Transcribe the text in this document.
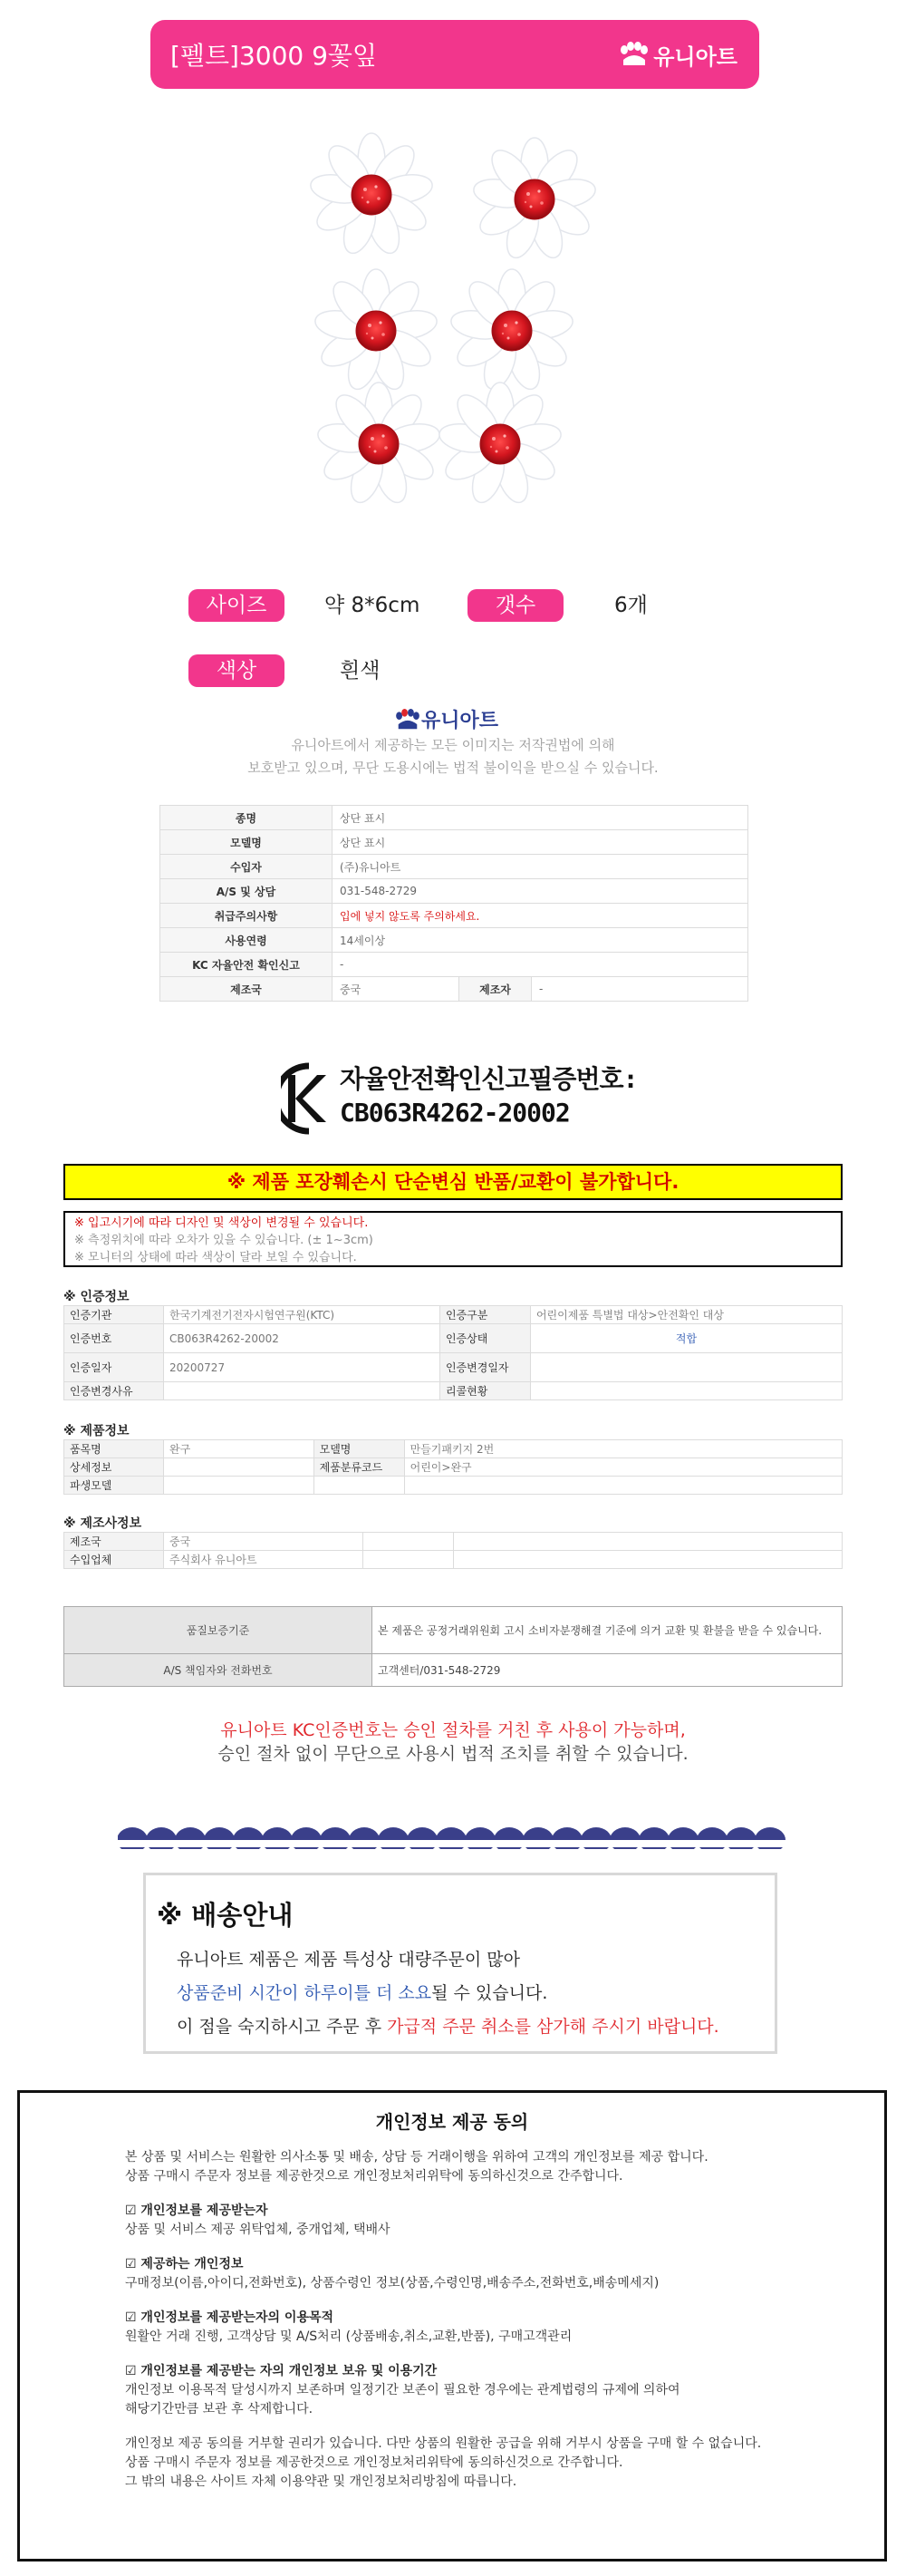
[펠트]3000 9꽃잎	유니아트
사이즈	약 8*6cm	갯수	6개
색상	흰색
유니아트
유니아트에서 제공하는 모든 이미지는 저작권법에 의해
보호받고 있으며, 무단 도용시에는 법적 불이익을 받으실 수 있습니다.
종명	상단 표시		
모델명	상단 표시		
수입자	(주)유니아트		
A/S 및 상담	031-548-2729		
취급주의사항	입에 넣지 않도록 주의하세요.		
사용연령	14세이상		
KC 자율안전 확인신고	-		
제조국	중국	제조자	-
자율안전확인신고필증번호:
CB063R4262-20002
※ 제품 포장훼손시 단순변심 반품/교환이 불가합니다.
※ 입고시기에 따라 디자인 및 색상이 변경될 수 있습니다.
※ 측정위치에 따라 오차가 있을 수 있습니다. (± 1~3cm)
※ 모니터의 상태에 따라 색상이 달라 보일 수 있습니다.
※ 인증정보
인증기관	한국기계전기전자시험연구원(KTC)	인증구분	어린이제품 특별법 대상>안전확인 대상
인증번호	CB063R4262-20002	인증상태	적합
인증일자	20200727	인증변경일자	
인증변경사유		리콜현황	
※ 제품정보
품목명	완구	모델명	만들기패키지 2번
상세정보		제품분류코드	어린이>완구
파생모델			
※ 제조사정보
제조국	중국		
수입업체	주식회사 유니아트		
품질보증기준	본 제품은 공정거래위원회 고시 소비자분쟁해결 기준에 의거 교환 및 환불을 받을 수 있습니다.
A/S 책임자와 전화번호	고객센터/031-548-2729
유니아트 KC인증번호는 승인 절차를 거친 후 사용이 가능하며,
승인 절차 없이 무단으로 사용시 법적 조치를 취할 수 있습니다.
※ 배송안내
유니아트 제품은 제품 특성상 대량주문이 많아
상품준비 시간이 하루이틀 더 소요될 수 있습니다.
이 점을 숙지하시고 주문 후 가급적 주문 취소를 삼가해 주시기 바랍니다.
개인정보 제공 동의
본 상품 및 서비스는 원활한 의사소통 및 배송, 상담 등 거래이행을 위하여 고객의 개인정보를 제공 합니다.
상품 구매시 주문자 정보를 제공한것으로 개인정보처리위탁에 동의하신것으로 간주합니다.
☑ 개인정보를 제공받는자
상품 및 서비스 제공 위탁업체, 중개업체, 택배사
☑ 제공하는 개인정보
구매정보(이름,아이디,전화번호), 상품수령인 정보(상품,수령인명,배송주소,전화번호,배송메세지)
☑ 개인정보를 제공받는자의 이용목적
원활안 거래 진행, 고객상담 및 A/S처리 (상품배송,취소,교환,반품), 구매고객관리
☑ 개인정보를 제공받는 자의 개인정보 보유 및 이용기간
개인정보 이용목적 달성시까지 보존하며 일정기간 보존이 필요한 경우에는 관계법령의 규제에 의하여
해당기간만큼 보관 후 삭제합니다.
개인정보 제공 동의를 거부할 권리가 있습니다. 다만 상품의 원활한 공급을 위해 거부시 상품을 구매 할 수 없습니다.
상품 구매시 주문자 정보를 제공한것으로 개인정보처리위탁에 동의하신것으로 간주합니다.
그 밖의 내용은 사이트 자체 이용약관 및 개인정보처리방침에 따릅니다.
